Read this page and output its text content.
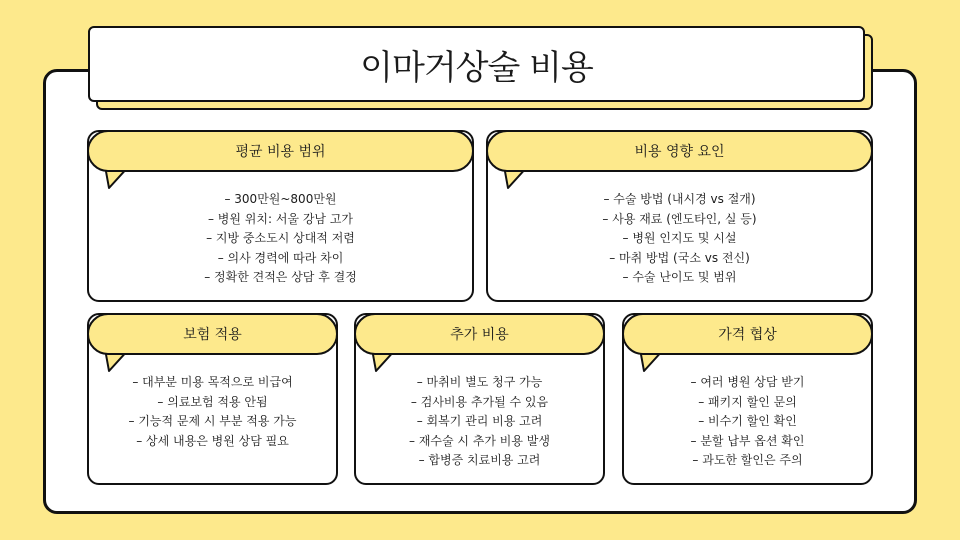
이마거상술 비용
평균 비용 범위
– 300만원~800만원
– 병원 위치: 서울 강남 고가
– 지방 중소도시 상대적 저렴
– 의사 경력에 따라 차이
– 정확한 견적은 상담 후 결정
비용 영향 요인
– 수술 방법 (내시경 vs 절개)
– 사용 재료 (엔도타인, 실 등)
– 병원 인지도 및 시설
– 마취 방법 (국소 vs 전신)
– 수술 난이도 및 범위
보험 적용
– 대부분 미용 목적으로 비급여
– 의료보험 적용 안됨
– 기능적 문제 시 부분 적용 가능
– 상세 내용은 병원 상담 필요
추가 비용
– 마취비 별도 청구 가능
– 검사비용 추가될 수 있음
– 회복기 관리 비용 고려
– 재수술 시 추가 비용 발생
– 합병증 치료비용 고려
가격 협상
– 여러 병원 상담 받기
– 패키지 할인 문의
– 비수기 할인 확인
– 분할 납부 옵션 확인
– 과도한 할인은 주의
